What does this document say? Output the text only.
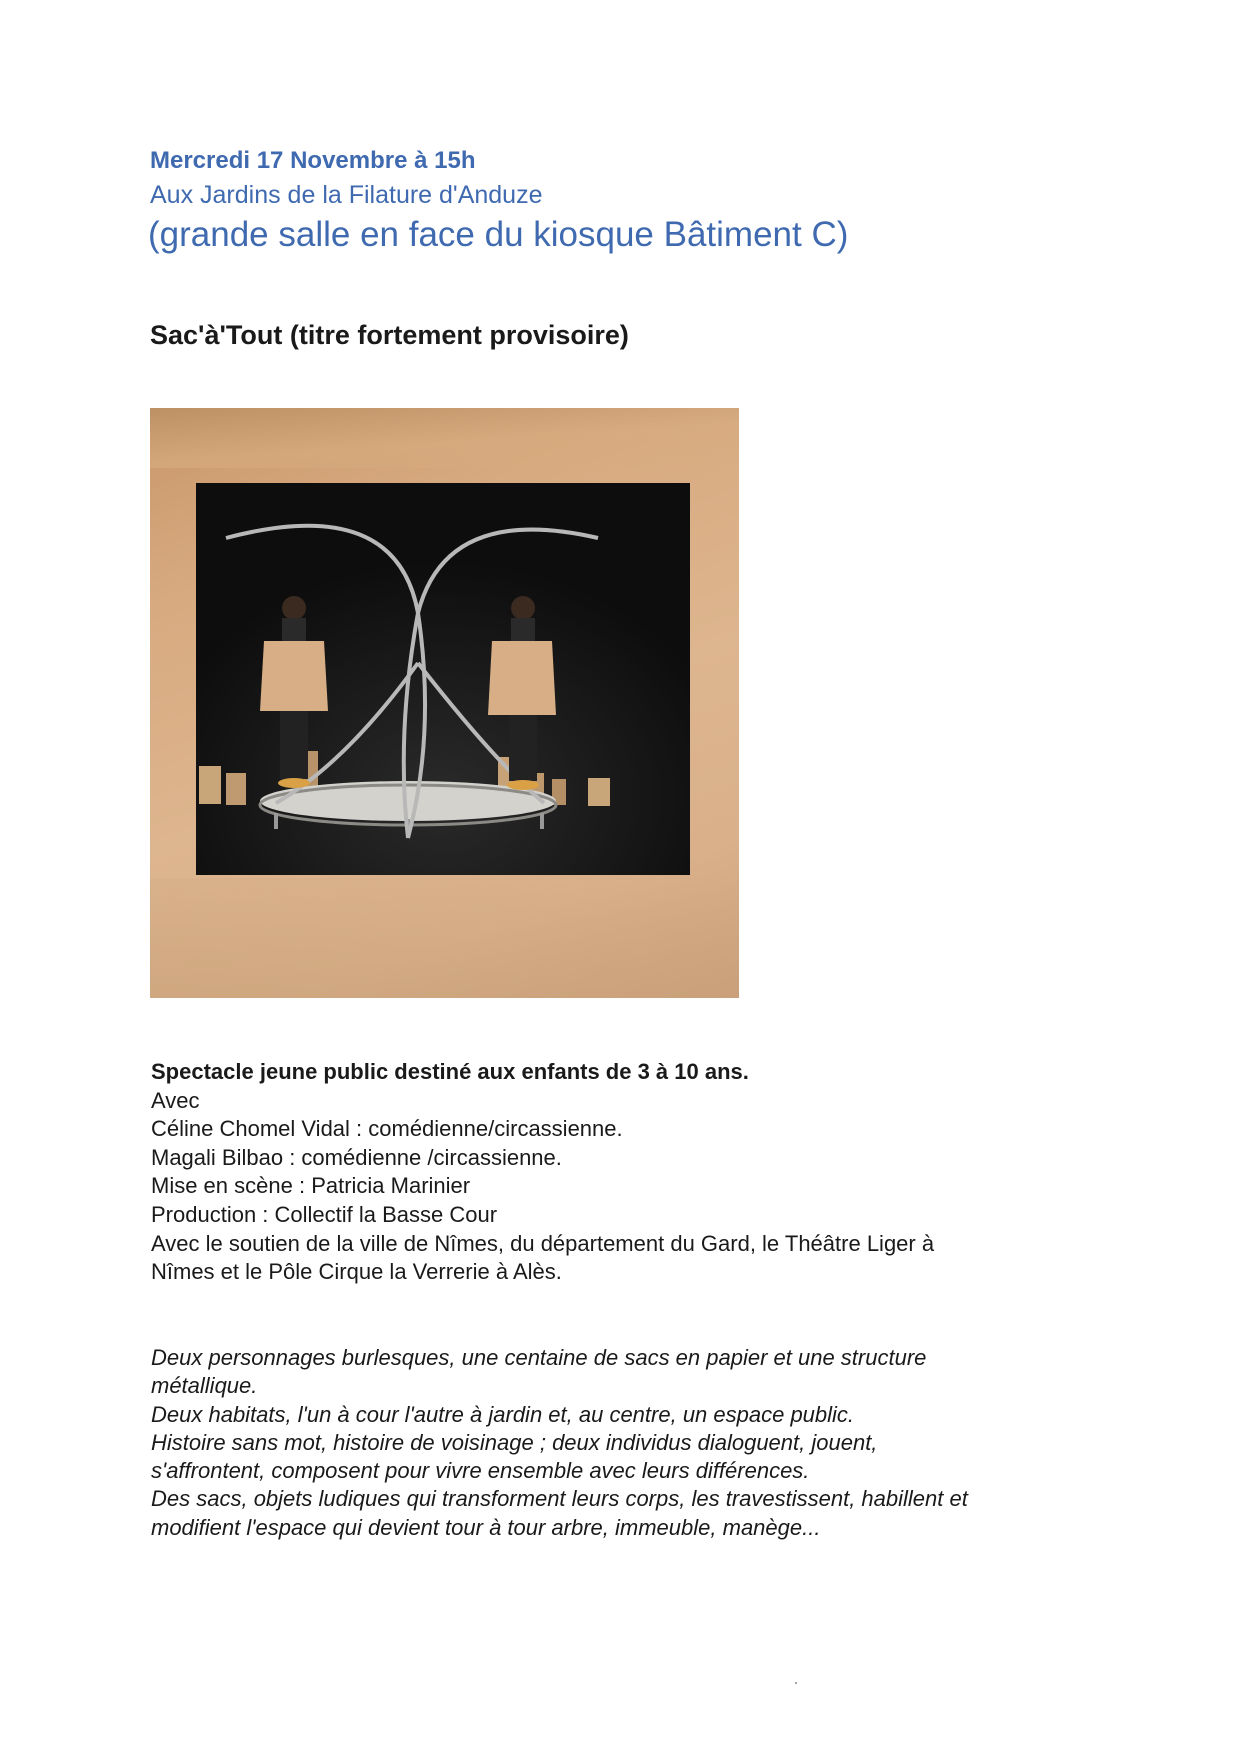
Mercredi 17 Novembre à 15h

Aux Jardins de la Filature d'Anduze

(grande salle en face du kiosque Bâtiment C)

Sac'à'Tout (titre fortement provisoire)
Spectacle jeune public destiné aux enfants de 3 à 10 ans.
Avec
Céline Chomel Vidal : comédienne/circassienne.
Magali Bilbao : comédienne /circassienne.
Mise en scène : Patricia Marinier
Production : Collectif la Basse Cour
Avec le soutien de la ville de Nîmes, du département du Gard, le Théâtre Liger à
Nîmes et le Pôle Cirque la Verrerie à Alès.
Deux personnages burlesques, une centaine de sacs en papier et une structure
métallique.
Deux habitats, l'un à cour l'autre à jardin et, au centre, un espace public.
Histoire sans mot, histoire de voisinage ; deux individus dialoguent, jouent,
s'affrontent, composent pour vivre ensemble avec leurs différences.
Des sacs, objets ludiques qui transforment leurs corps, les travestissent, habillent et
modifient l'espace qui devient tour à tour arbre, immeuble, manège...
